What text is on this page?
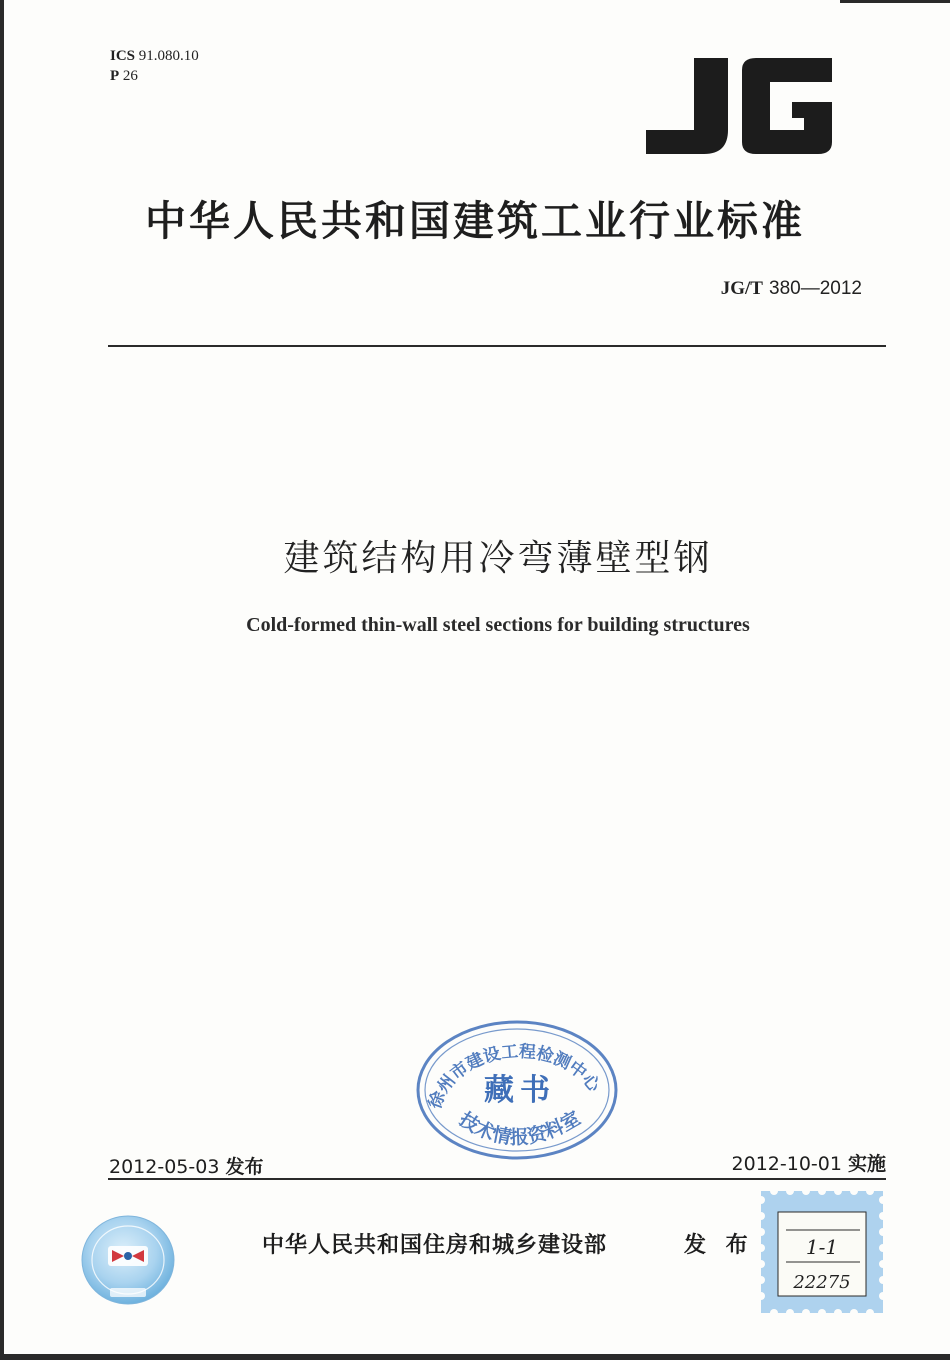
ICS 91.080.10
P 26
中华人民共和国建筑工业行业标准
JG/T 380—2012
建筑结构用冷弯薄壁型钢
Cold-formed thin-wall steel sections for building structures
徐州市建设工程检测中心
藏书
技术情报资料室
2012-05-03 发布	2012-10-01 实施
中华人民共和国住房和城乡建设部	发 布	1-1
22275
